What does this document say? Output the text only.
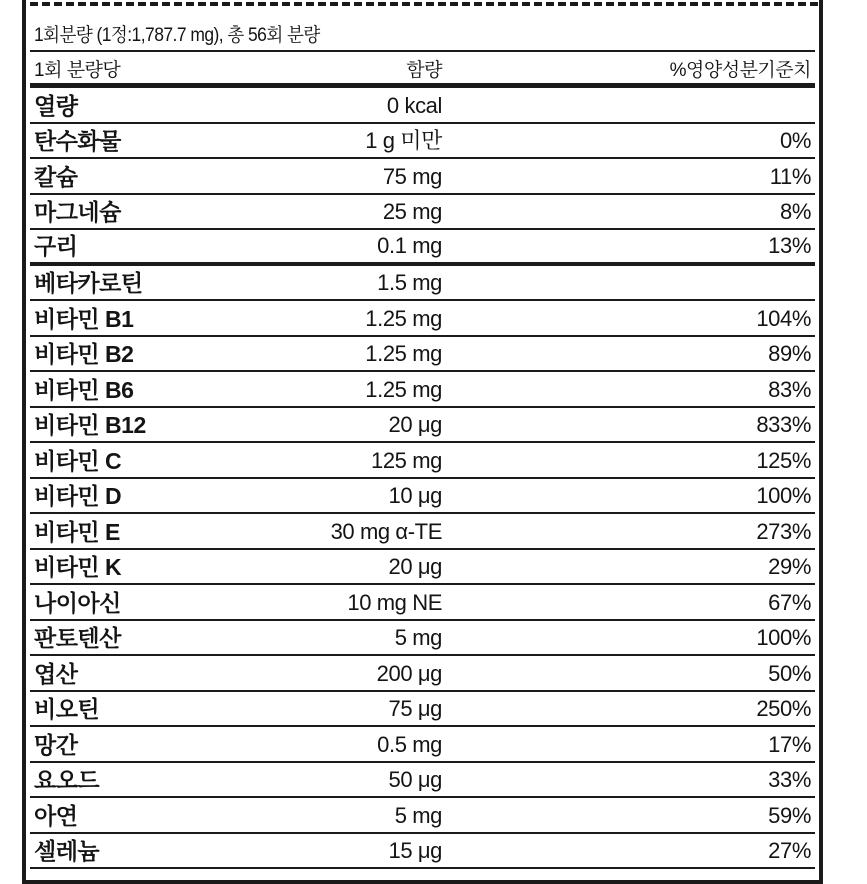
1회분량 (1정:1,787.7 mg), 총 56회 분량
1회 분량당	함량	%영양성분기준치
열량	0 kcal
탄수화물	1 g 미만	0%
칼슘	75 mg	11%
마그네슘	25 mg	8%
구리	0.1 mg	13%
베타카로틴	1.5 mg
비타민 B1	1.25 mg	104%
비타민 B2	1.25 mg	89%
비타민 B6	1.25 mg	83%
비타민 B12	20 μg	833%
비타민 C	125 mg	125%
비타민 D	10 μg	100%
비타민 E	30 mg α-TE	273%
비타민 K	20 μg	29%
나이아신	10 mg NE	67%
판토텐산	5 mg	100%
엽산	200 μg	50%
비오틴	75 μg	250%
망간	0.5 mg	17%
요오드	50 μg	33%
아연	5 mg	59%
셀레늄	15 μg	27%
